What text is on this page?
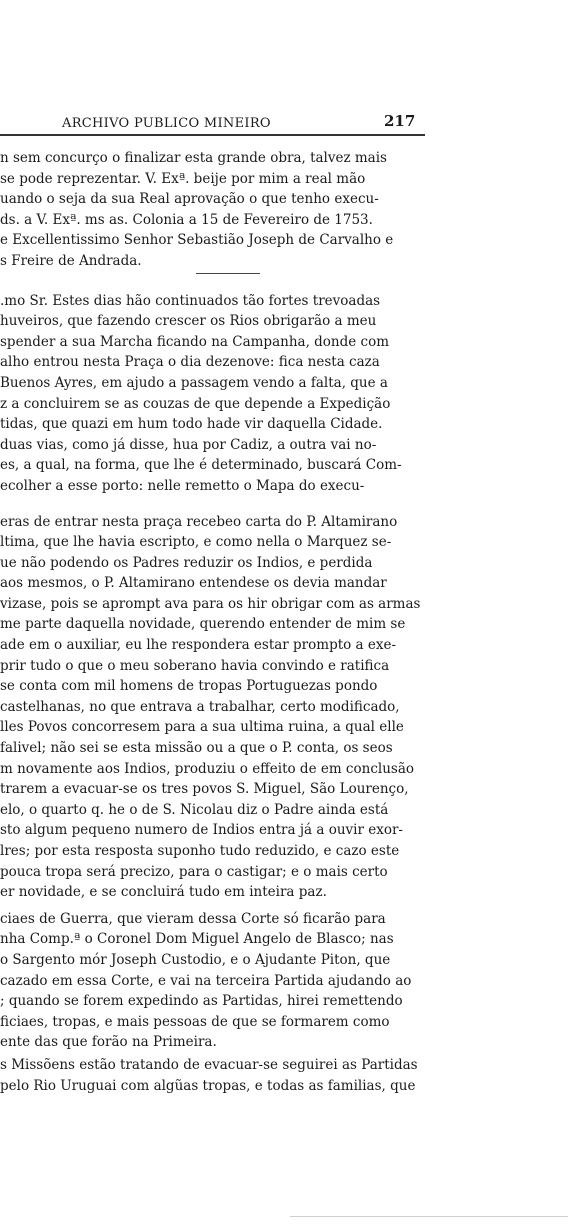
ARCHIVO PUBLICO MINEIRO	217
n sem concurço o finalizar esta grande obra, talvez mais
se pode reprezentar. V. Exª. beije por mim a real mão
uando o seja da sua Real aprovação o que tenho execu-
ds. a V. Exª. ms as. Colonia a 15 de Fevereiro de 1753.
e Excellentissimo Senhor Sebastião Joseph de Carvalho e
s Freire de Andrada.
.mo Sr. Estes dias hão continuados tão fortes trevoadas
huveiros, que fazendo crescer os Rios obrigarão a meu
spender a sua Marcha ficando na Campanha, donde com
alho entrou nesta Praça o dia dezenove: fica nesta caza
Buenos Ayres, em ajudo a passagem vendo a falta, que a
z a concluirem se as couzas de que depende a Expedição
tidas, que quazi em hum todo hade vir daquella Cidade.
duas vias, como já disse, hua por Cadiz, a outra vai no-
es, a qual, na forma, que lhe é determinado, buscará Com-
ecolher a esse porto: nelle remetto o Mapa do execu-
eras de entrar nesta praça recebeo carta do P. Altamirano
ltima, que lhe havia escripto, e como nella o Marquez se-
ue não podendo os Padres reduzir os Indios, e perdida
aos mesmos, o P. Altamirano entendese os devia mandar
vizase, pois se aprompt ava para os hir obrigar com as armas
me parte daquella novidade, querendo entender de mim se
ade em o auxiliar, eu lhe respondera estar prompto a exe-
prir tudo o que o meu soberano havia convindo e ratifica
se conta com mil homens de tropas Portuguezas pondo
castelhanas, no que entrava a trabalhar, certo modificado,
lles Povos concorresem para a sua ultima ruina, a qual elle
falivel; não sei se esta missão ou a que o P. conta, os seos
m novamente aos Indios, produziu o effeito de em conclusão
trarem a evacuar-se os tres povos S. Miguel, São Lourenço,
elo, o quarto q. he o de S. Nicolau diz o Padre ainda está
sto algum pequeno numero de Indios entra já a ouvir exor-
lres; por esta resposta suponho tudo reduzido, e cazo este
pouca tropa será precizo, para o castigar; e o mais certo
er novidade, e se concluirá tudo em inteira paz.
ciaes de Guerra, que vieram dessa Corte só ficarão para
nha Comp.ª o Coronel Dom Miguel Angelo de Blasco; nas
o Sargento mór Joseph Custodio, e o Ajudante Piton, que
cazado em essa Corte, e vai na terceira Partida ajudando ao
; quando se forem expedindo as Partidas, hirei remettendo
ficiaes, tropas, e mais pessoas de que se formarem como
ente das que forão na Primeira.
s Missõens estão tratando de evacuar-se seguirei as Partidas
pelo Rio Uruguai com algũas tropas, e todas as familias, que
